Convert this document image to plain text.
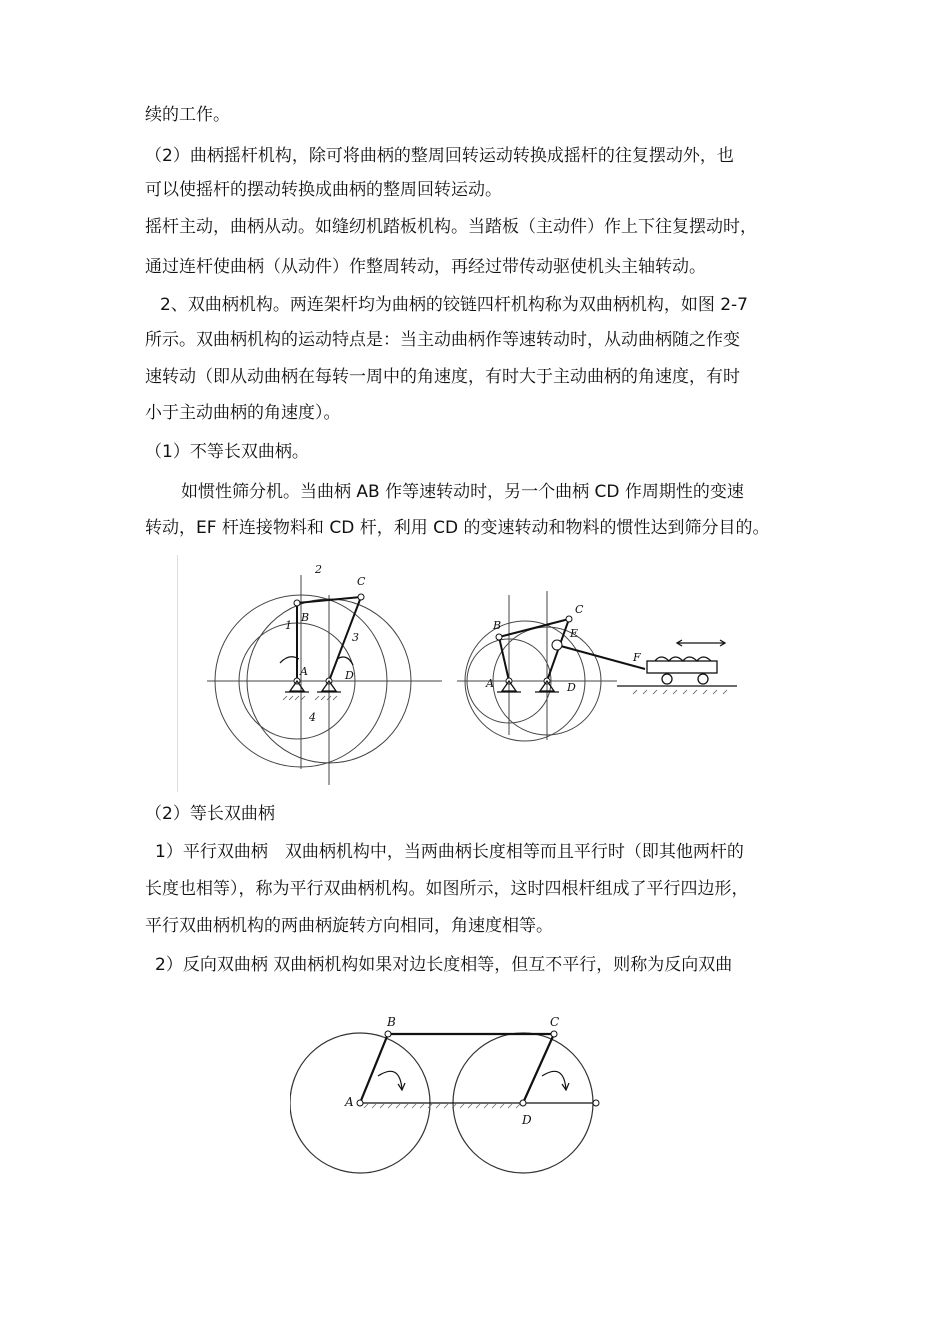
续的工作。
（2）曲柄摇杆机构，除可将曲柄的整周回转运动转换成摇杆的往复摆动外，也
可以使摇杆的摆动转换成曲柄的整周回转运动。
摇杆主动，曲柄从动。如缝纫机踏板机构。当踏板（主动件）作上下往复摆动时，
通过连杆使曲柄（从动件）作整周转动，再经过带传动驱使机头主轴转动。
2、双曲柄机构。两连架杆均为曲柄的铰链四杆机构称为双曲柄机构，如图 2-7
所示。双曲柄机构的运动特点是：当主动曲柄作等速转动时，从动曲柄随之作变
速转动（即从动曲柄在每转一周中的角速度，有时大于主动曲柄的角速度，有时
小于主动曲柄的角速度）。
（1）不等长双曲柄。
如惯性筛分机。当曲柄 AB 作等速转动时，另一个曲柄 CD 作周期性的变速
转动，EF 杆连接物料和 CD 杆，利用 CD 的变速转动和物料的惯性达到筛分目的。
2
C
B
1
3
A	D
4
C
B
E
F
A	D
（2）等长双曲柄
1）平行双曲柄　双曲柄机构中，当两曲柄长度相等而且平行时（即其他两杆的
长度也相等），称为平行双曲柄机构。如图所示，这时四根杆组成了平行四边形，
平行双曲柄机构的两曲柄旋转方向相同，角速度相等。
2）反向双曲柄 双曲柄机构如果对边长度相等，但互不平行，则称为反向双曲
A
B	C
D
